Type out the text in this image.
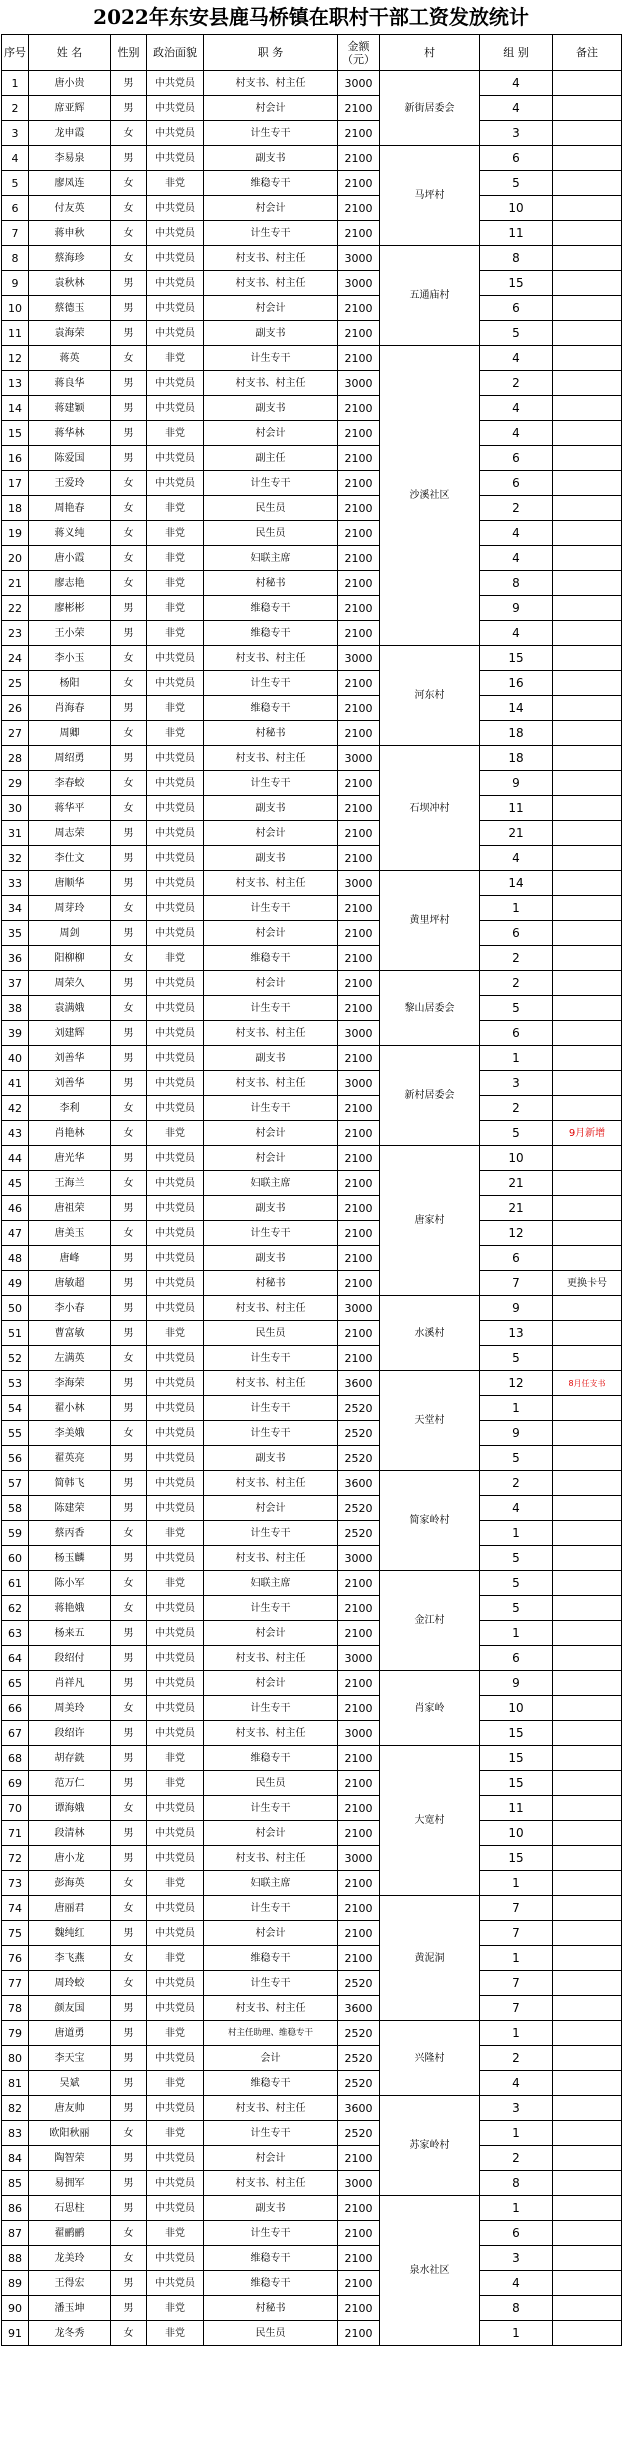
2022年东安县鹿马桥镇在职村干部工资发放统计
序号	姓 名	性别	政治面貌	职 务	金额（元）	村	组 别	备注
1	唐小贵	男	中共党员	村支书、村主任	3000	新街居委会	4	
2	席亚辉	男	中共党员	村会计	2100		4	
3	龙申霞	女	中共党员	计生专干	2100		3	
4	李易泉	男	中共党员	副支书	2100	马坪村	6	
5	廖凤连	女	非党	维稳专干	2100		5	
6	付友英	女	中共党员	村会计	2100		10	
7	蒋申秋	女	中共党员	计生专干	2100		11	
8	蔡海珍	女	中共党员	村支书、村主任	3000	五通庙村	8	
9	袁秋林	男	中共党员	村支书、村主任	3000		15	
10	蔡德玉	男	中共党员	村会计	2100		6	
11	袁海荣	男	中共党员	副支书	2100		5	
12	蒋英	女	非党	计生专干	2100	沙溪社区	4	
13	蒋良华	男	中共党员	村支书、村主任	3000		2	
14	蒋建颖	男	中共党员	副支书	2100		4	
15	蒋华林	男	非党	村会计	2100		4	
16	陈爱国	男	中共党员	副主任	2100		6	
17	王爱玲	女	中共党员	计生专干	2100		6	
18	周艳春	女	非党	民生员	2100		2	
19	蒋义纯	女	非党	民生员	2100		4	
20	唐小霞	女	非党	妇联主席	2100		4	
21	廖志艳	女	非党	村秘书	2100		8	
22	廖彬彬	男	非党	维稳专干	2100		9	
23	王小荣	男	非党	维稳专干	2100		4	
24	李小玉	女	中共党员	村支书、村主任	3000	河东村	15	
25	杨阳	女	中共党员	计生专干	2100		16	
26	肖海春	男	非党	维稳专干	2100		14	
27	周卿	女	非党	村秘书	2100		18	
28	周绍勇	男	中共党员	村支书、村主任	3000	石坝冲村	18	
29	李春蛟	女	中共党员	计生专干	2100		9	
30	蒋华平	女	中共党员	副支书	2100		11	
31	周志荣	男	中共党员	村会计	2100		21	
32	李仕文	男	中共党员	副支书	2100		4	
33	唐顺华	男	中共党员	村支书、村主任	3000	黄里坪村	14	
34	周芽玲	女	中共党员	计生专干	2100		1	
35	周剑	男	中共党员	村会计	2100		6	
36	阳柳柳	女	非党	维稳专干	2100		2	
37	周荣久	男	中共党员	村会计	2100	黎山居委会	2	
38	袁满娥	女	中共党员	计生专干	2100		5	
39	刘建辉	男	中共党员	村支书、村主任	3000		6	
40	刘善华	男	中共党员	副支书	2100	新村居委会	1	
41	刘善华	男	中共党员	村支书、村主任	3000		3	
42	李利	女	中共党员	计生专干	2100		2	
43	肖艳林	女	非党	村会计	2100		5	9月新增
44	唐光华	男	中共党员	村会计	2100	唐家村	10	
45	王海兰	女	中共党员	妇联主席	2100		21	
46	唐祖荣	男	中共党员	副支书	2100		21	
47	唐美玉	女	中共党员	计生专干	2100		12	
48	唐峰	男	中共党员	副支书	2100		6	
49	唐敏超	男	中共党员	村秘书	2100		7	更换卡号
50	李小春	男	中共党员	村支书、村主任	3000	水溪村	9	
51	曹富敏	男	非党	民生员	2100		13	
52	左满英	女	中共党员	计生专干	2100		5	
53	李海荣	男	中共党员	村支书、村主任	3600	天堂村	12	8月任支书
54	翟小林	男	中共党员	计生专干	2520		1	
55	李美娥	女	中共党员	计生专干	2520		9	
56	翟英亮	男	中共党员	副支书	2520		5	
57	简韩飞	男	中共党员	村支书、村主任	3600	简家岭村	2	
58	陈建荣	男	中共党员	村会计	2520		4	
59	蔡丙香	女	非党	计生专干	2520		1	
60	杨玉麟	男	中共党员	村支书、村主任	3000		5	
61	陈小军	女	非党	妇联主席	2100	金江村	5	
62	蒋艳娥	女	中共党员	计生专干	2100		5	
63	杨来五	男	中共党员	村会计	2100		1	
64	段绍付	男	中共党员	村支书、村主任	3000		6	
65	肖祥凡	男	中共党员	村会计	2100	肖家岭	9	
66	周美玲	女	中共党员	计生专干	2100		10	
67	段绍许	男	中共党员	村支书、村主任	3000		15	
68	胡存銑	男	非党	维稳专干	2100	大宽村	15	
69	范万仁	男	非党	民生员	2100		15	
70	谭海娥	女	中共党员	计生专干	2100		11	
71	段清林	男	中共党员	村会计	2100		10	
72	唐小龙	男	中共党员	村支书、村主任	3000		15	
73	彭海英	女	非党	妇联主席	2100		1	
74	唐丽君	女	中共党员	计生专干	2100	黄泥洞	7	
75	魏纯红	男	中共党员	村会计	2100		7	
76	李飞燕	女	非党	维稳专干	2100		1	
77	周玲蛟	女	中共党员	计生专干	2520		7	
78	颜友国	男	中共党员	村支书、村主任	3600		7	
79	唐道勇	男	非党	村主任助理、维稳专干	2520	兴隆村	1	
80	李天宝	男	中共党员	会计	2520		2	
81	吴斌	男	非党	维稳专干	2520		4	
82	唐友帅	男	中共党员	村支书、村主任	3600	苏家岭村	3	
83	欧阳秋丽	女	非党	计生专干	2520		1	
84	陶智荣	男	中共党员	村会计	2100		2	
85	易拥军	男	中共党员	村支书、村主任	3000		8	
86	石思柱	男	中共党员	副支书	2100	泉水社区	1	
87	翟鹂鹂	女	非党	计生专干	2100		6	
88	龙美玲	女	中共党员	维稳专干	2100		3	
89	王得宏	男	中共党员	维稳专干	2100		4	
90	潘玉坤	男	非党	村秘书	2100		8	
91	龙冬秀	女	非党	民生员	2100		1	
